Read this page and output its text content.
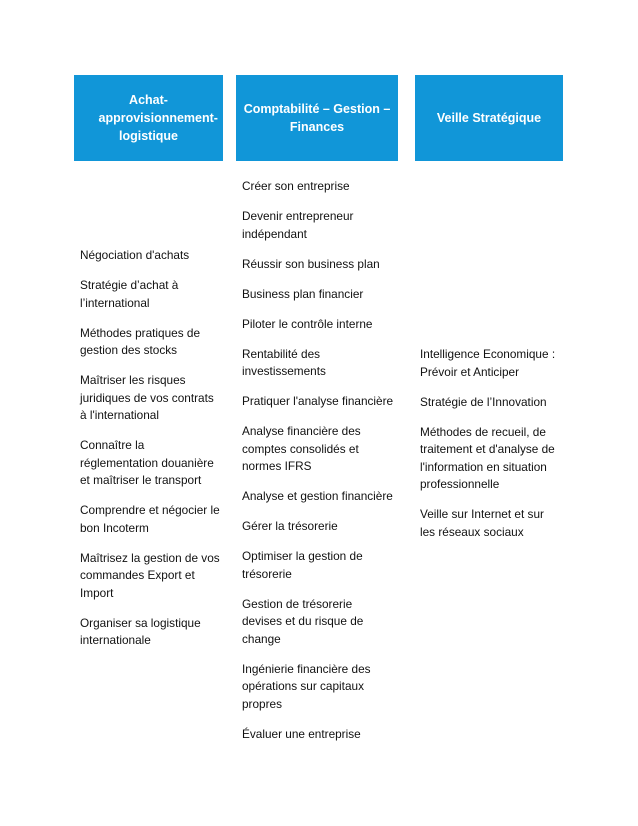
Achat-approvisionnement-logistique
Comptabilité – Gestion – Finances
Veille Stratégique
Négociation d'achats
Stratégie d’achat à l’international
Méthodes pratiques de gestion des stocks
Maîtriser les risques juridiques de vos contrats à l'international
Connaître la réglementation douanière et maîtriser le transport
Comprendre et négocier le bon Incoterm
Maîtrisez la gestion de vos commandes Export et Import
Organiser sa logistique internationale
Créer son entreprise
Devenir entrepreneur indépendant
Réussir son business plan
Business plan financier
Piloter le contrôle interne
Rentabilité des investissements
Pratiquer l'analyse financière
Analyse financière des comptes consolidés et normes IFRS
Analyse et gestion financière
Gérer la trésorerie
Optimiser la gestion de trésorerie
Gestion de trésorerie devises et du risque de change
Ingénierie financière des opérations sur capitaux propres
Évaluer une entreprise
Intelligence Economique : Prévoir et Anticiper
Stratégie de l’Innovation
Méthodes de recueil, de traitement et d'analyse de l'information en situation professionnelle
Veille sur Internet et sur les réseaux sociaux
